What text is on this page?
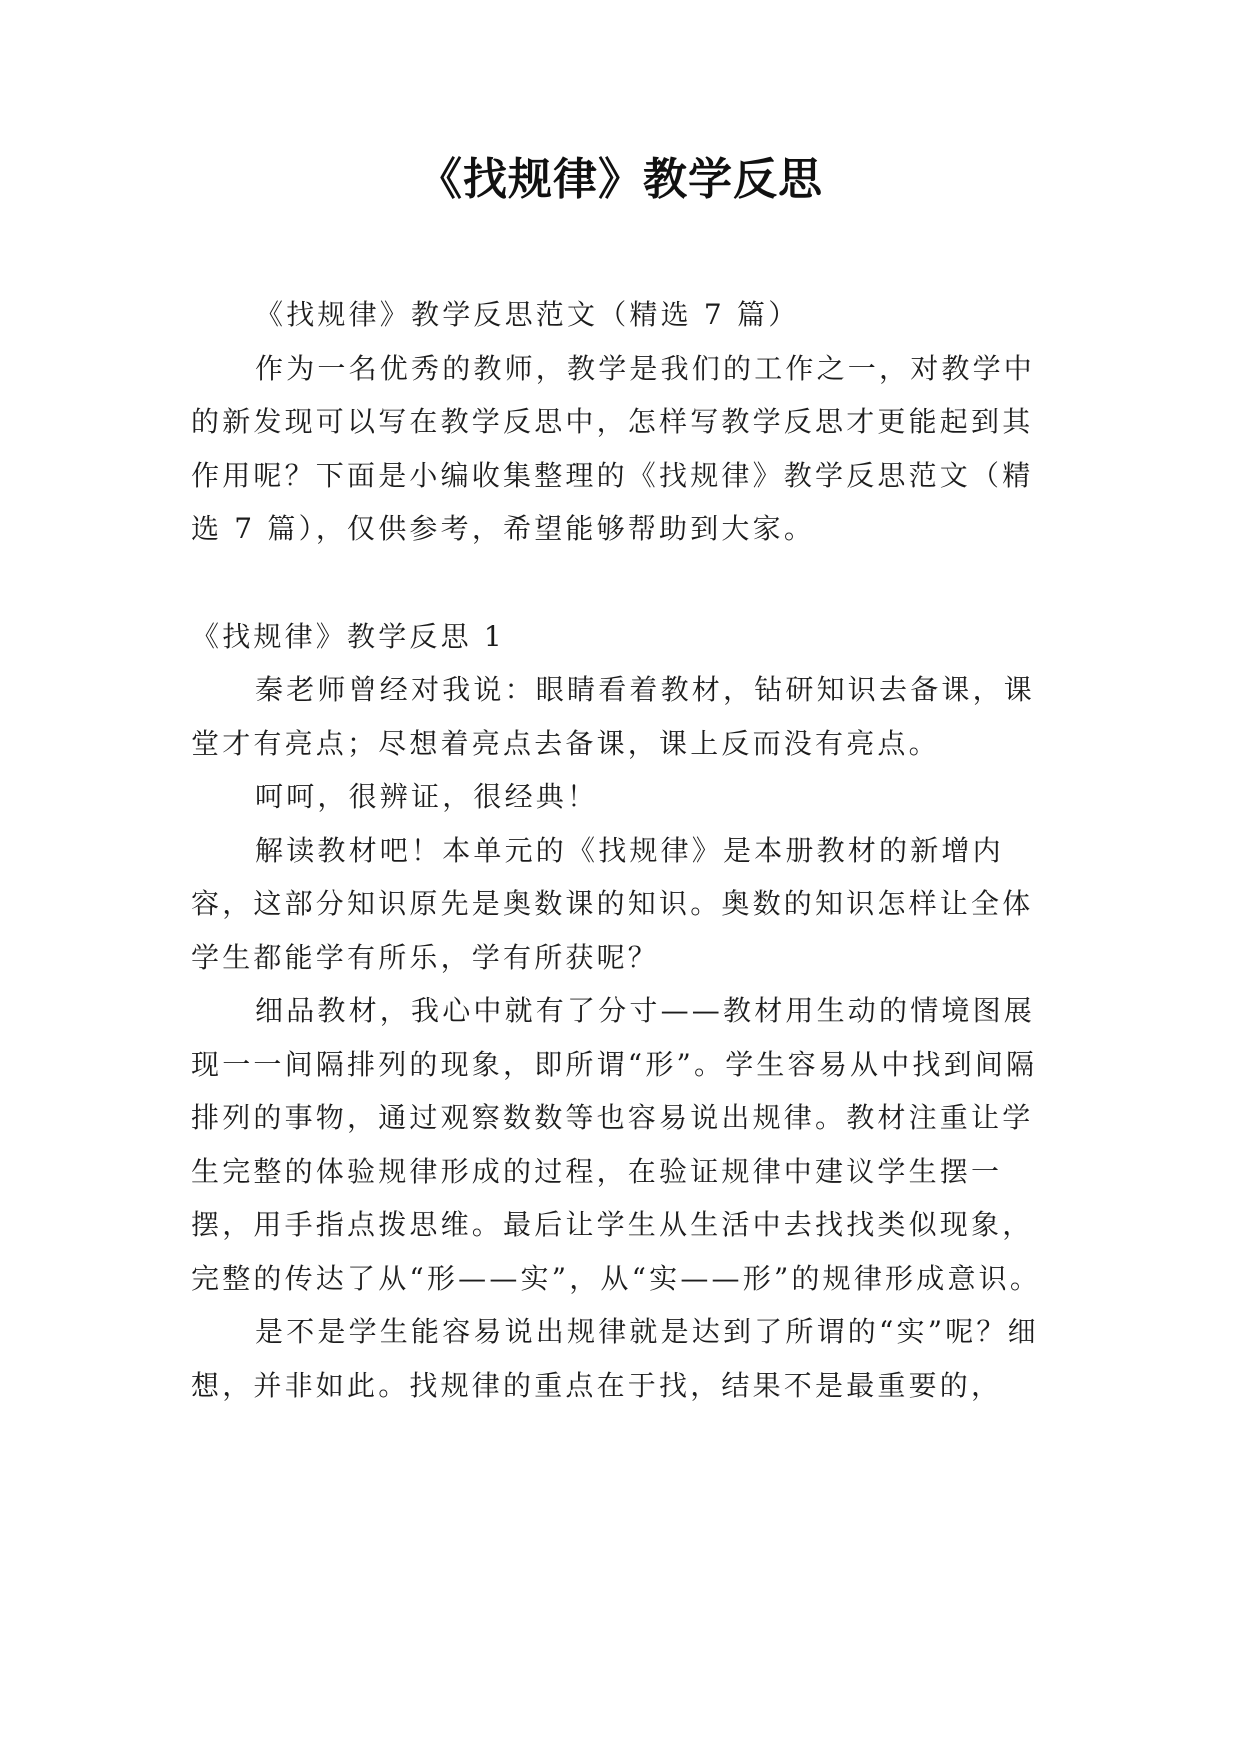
《找规律》教学反思

《找规律》教学反思范文（精选 7 篇）

作为一名优秀的教师，教学是我们的工作之一，对教学中的新发现可以写在教学反思中，怎样写教学反思才更能起到其作用呢？下面是小编收集整理的《找规律》教学反思范文（精选 7 篇），仅供参考，希望能够帮助到大家。

《找规律》教学反思 1

秦老师曾经对我说：眼睛看着教材，钻研知识去备课，课堂才有亮点；尽想着亮点去备课，课上反而没有亮点。

呵呵，很辨证，很经典！

解读教材吧！本单元的《找规律》是本册教材的新增内容，这部分知识原先是奥数课的知识。奥数的知识怎样让全体学生都能学有所乐，学有所获呢？

细品教材，我心中就有了分寸——教材用生动的情境图展现一一间隔排列的现象，即所谓“形”。学生容易从中找到间隔排列的事物，通过观察数数等也容易说出规律。教材注重让学生完整的体验规律形成的过程，在验证规律中建议学生摆一摆，用手指点拨思维。最后让学生从生活中去找找类似现象，完整的传达了从“形——实”，从“实——形”的规律形成意识。

是不是学生能容易说出规律就是达到了所谓的“实”呢？细想，并非如此。找规律的重点在于找，结果不是最重要的，
